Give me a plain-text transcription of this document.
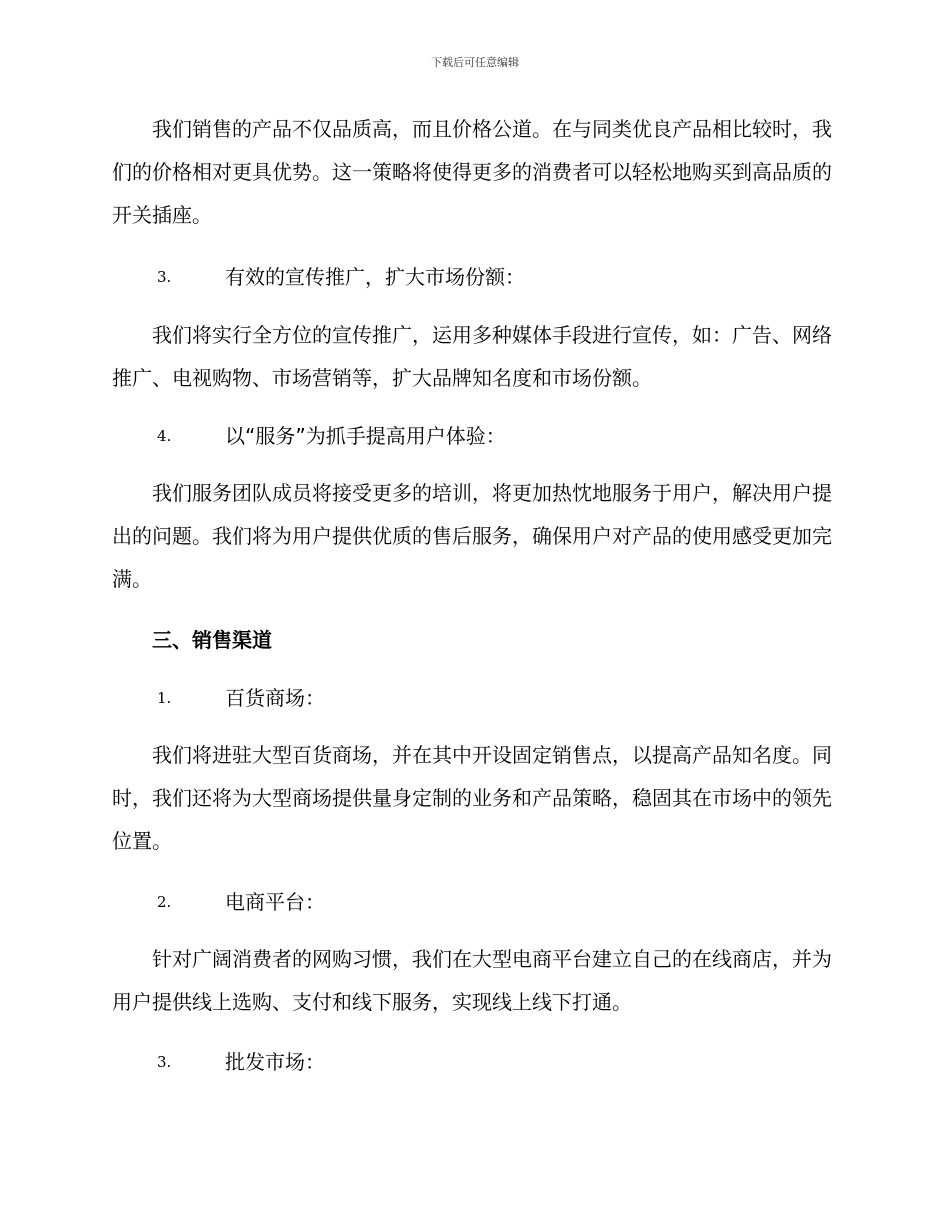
下载后可任意编辑
我们销售的产品不仅品质高，而且价格公道。在与同类优良产品相比较时，我们的价格相对更具优势。这一策略将使得更多的消费者可以轻松地购买到高品质的开关插座。
3.	有效的宣传推广，扩大市场份额：
我们将实行全方位的宣传推广，运用多种媒体手段进行宣传，如：广告、网络推广、电视购物、市场营销等，扩大品牌知名度和市场份额。
4.	以“服务”为抓手提高用户体验：
我们服务团队成员将接受更多的培训，将更加热忱地服务于用户，解决用户提出的问题。我们将为用户提供优质的售后服务，确保用户对产品的使用感受更加完满。
三、销售渠道
1.	百货商场：
我们将进驻大型百货商场，并在其中开设固定销售点，以提高产品知名度。同时，我们还将为大型商场提供量身定制的业务和产品策略，稳固其在市场中的领先位置。
2.	电商平台：
针对广阔消费者的网购习惯，我们在大型电商平台建立自己的在线商店，并为用户提供线上选购、支付和线下服务，实现线上线下打通。
3.	批发市场：
